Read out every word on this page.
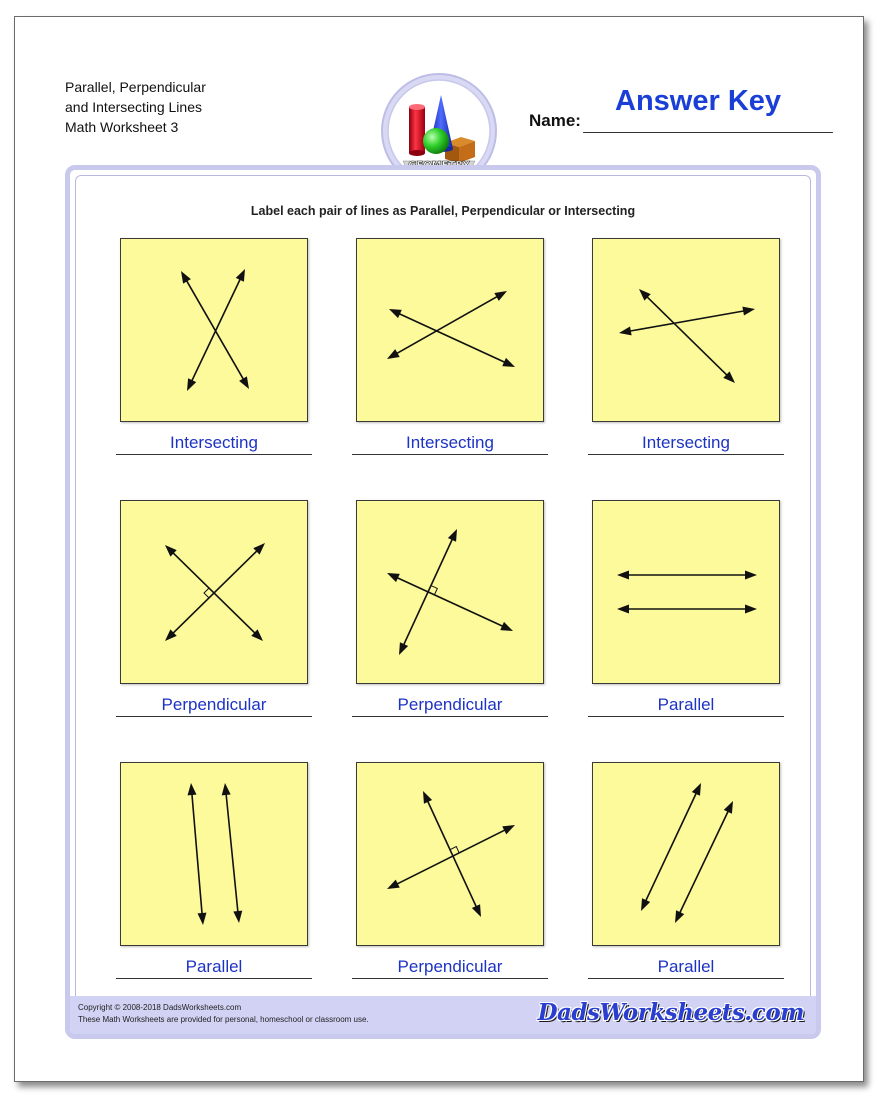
Parallel, Perpendicular
and Intersecting Lines
Math Worksheet 3	Name:
Answer Key
Label each pair of lines as Parallel, Perpendicular or Intersecting
Intersecting	Intersecting	Intersecting
Perpendicular	Perpendicular	Parallel
Parallel	Perpendicular	Parallel
Copyright © 2008-2018 DadsWorksheets.com
These Math Worksheets are provided for personal, homeschool or classroom use.	DadsWorksheets.com
